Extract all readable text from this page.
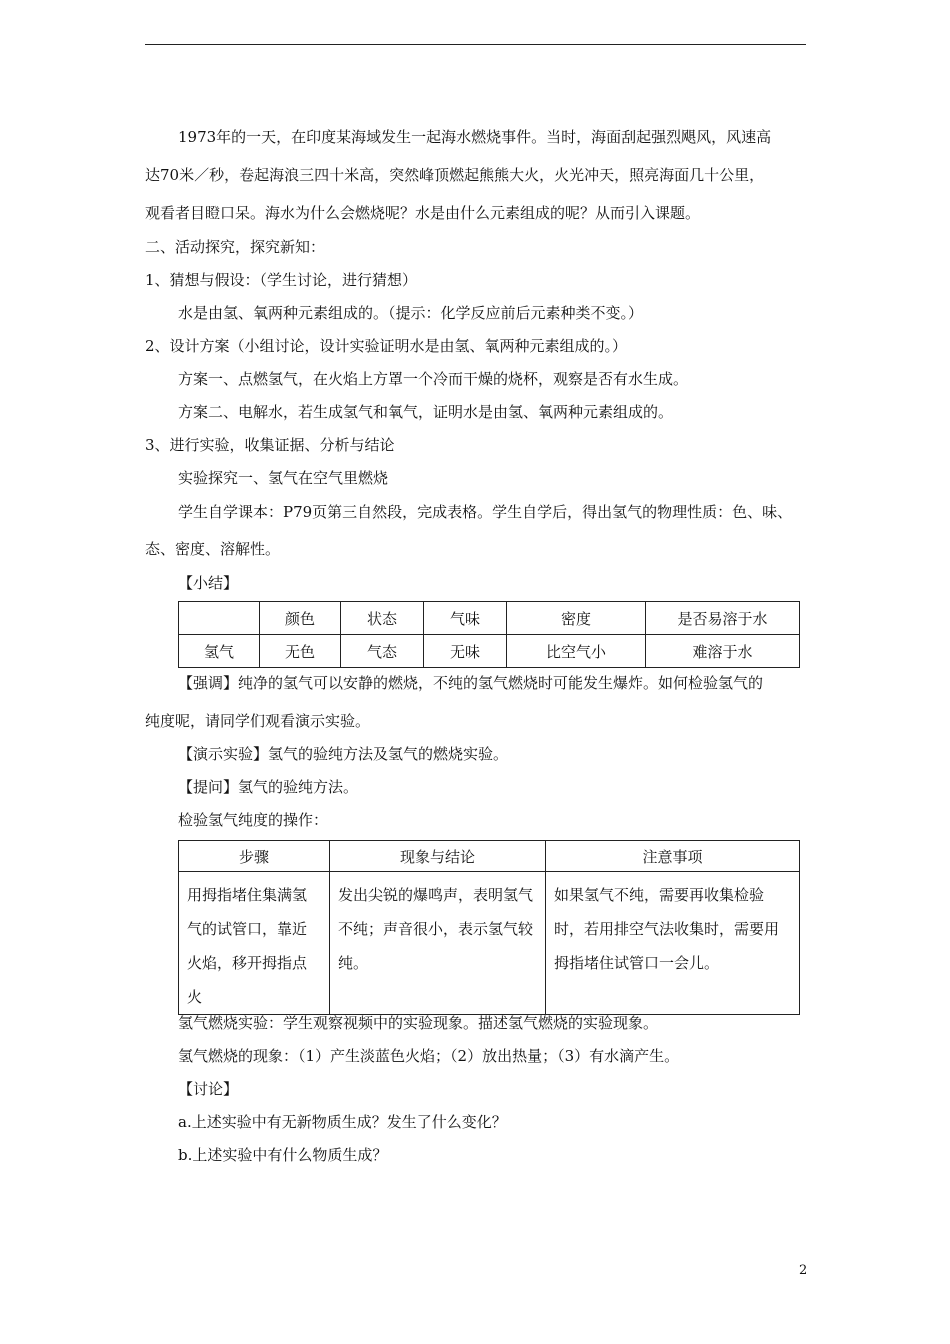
1973年的一天，在印度某海域发生一起海水燃烧事件。当时，海面刮起强烈飓风，风速高
达70米／秒，卷起海浪三四十米高，突然峰顶燃起熊熊大火，火光冲天，照亮海面几十公里，
观看者目瞪口呆。海水为什么会燃烧呢？水是由什么元素组成的呢？从而引入课题。
二、活动探究，探究新知：
1、猜想与假设：（学生讨论，进行猜想）
水是由氢、氧两种元素组成的。（提示：化学反应前后元素种类不变。）
2、设计方案（小组讨论，设计实验证明水是由氢、氧两种元素组成的。）
方案一、点燃氢气，在火焰上方罩一个冷而干燥的烧杯，观察是否有水生成。
方案二、电解水，若生成氢气和氧气，证明水是由氢、氧两种元素组成的。
3、进行实验，收集证据、分析与结论
实验探究一、氢气在空气里燃烧
学生自学课本：P79页第三自然段，完成表格。学生自学后，得出氢气的物理性质：色、味、
态、密度、溶解性。
【小结】
【强调】纯净的氢气可以安静的燃烧，不纯的氢气燃烧时可能发生爆炸。如何检验氢气的
纯度呢，请同学们观看演示实验。
【演示实验】氢气的验纯方法及氢气的燃烧实验。
【提问】氢气的验纯方法。
检验氢气纯度的操作：
氢气燃烧实验：学生观察视频中的实验现象。描述氢气燃烧的实验现象。
氢气燃烧的现象：（1）产生淡蓝色火焰；（2）放出热量；（3）有水滴产生。
【讨论】
a.上述实验中有无新物质生成？发生了什么变化？
b.上述实验中有什么物质生成？
	颜色	状态	气味	密度	是否易溶于水
氢气	无色	气态	无味	比空气小	难溶于水
步骤	现象与结论	注意事项

用拇指堵住集满氢气的试管口，靠近火焰，移开拇指点火	发出尖锐的爆鸣声，表明氢气不纯；声音很小，表示氢气较纯。	如果氢气不纯，需要再收集检验时，若用排空气法收集时，需要用拇指堵住试管口一会儿。
2
